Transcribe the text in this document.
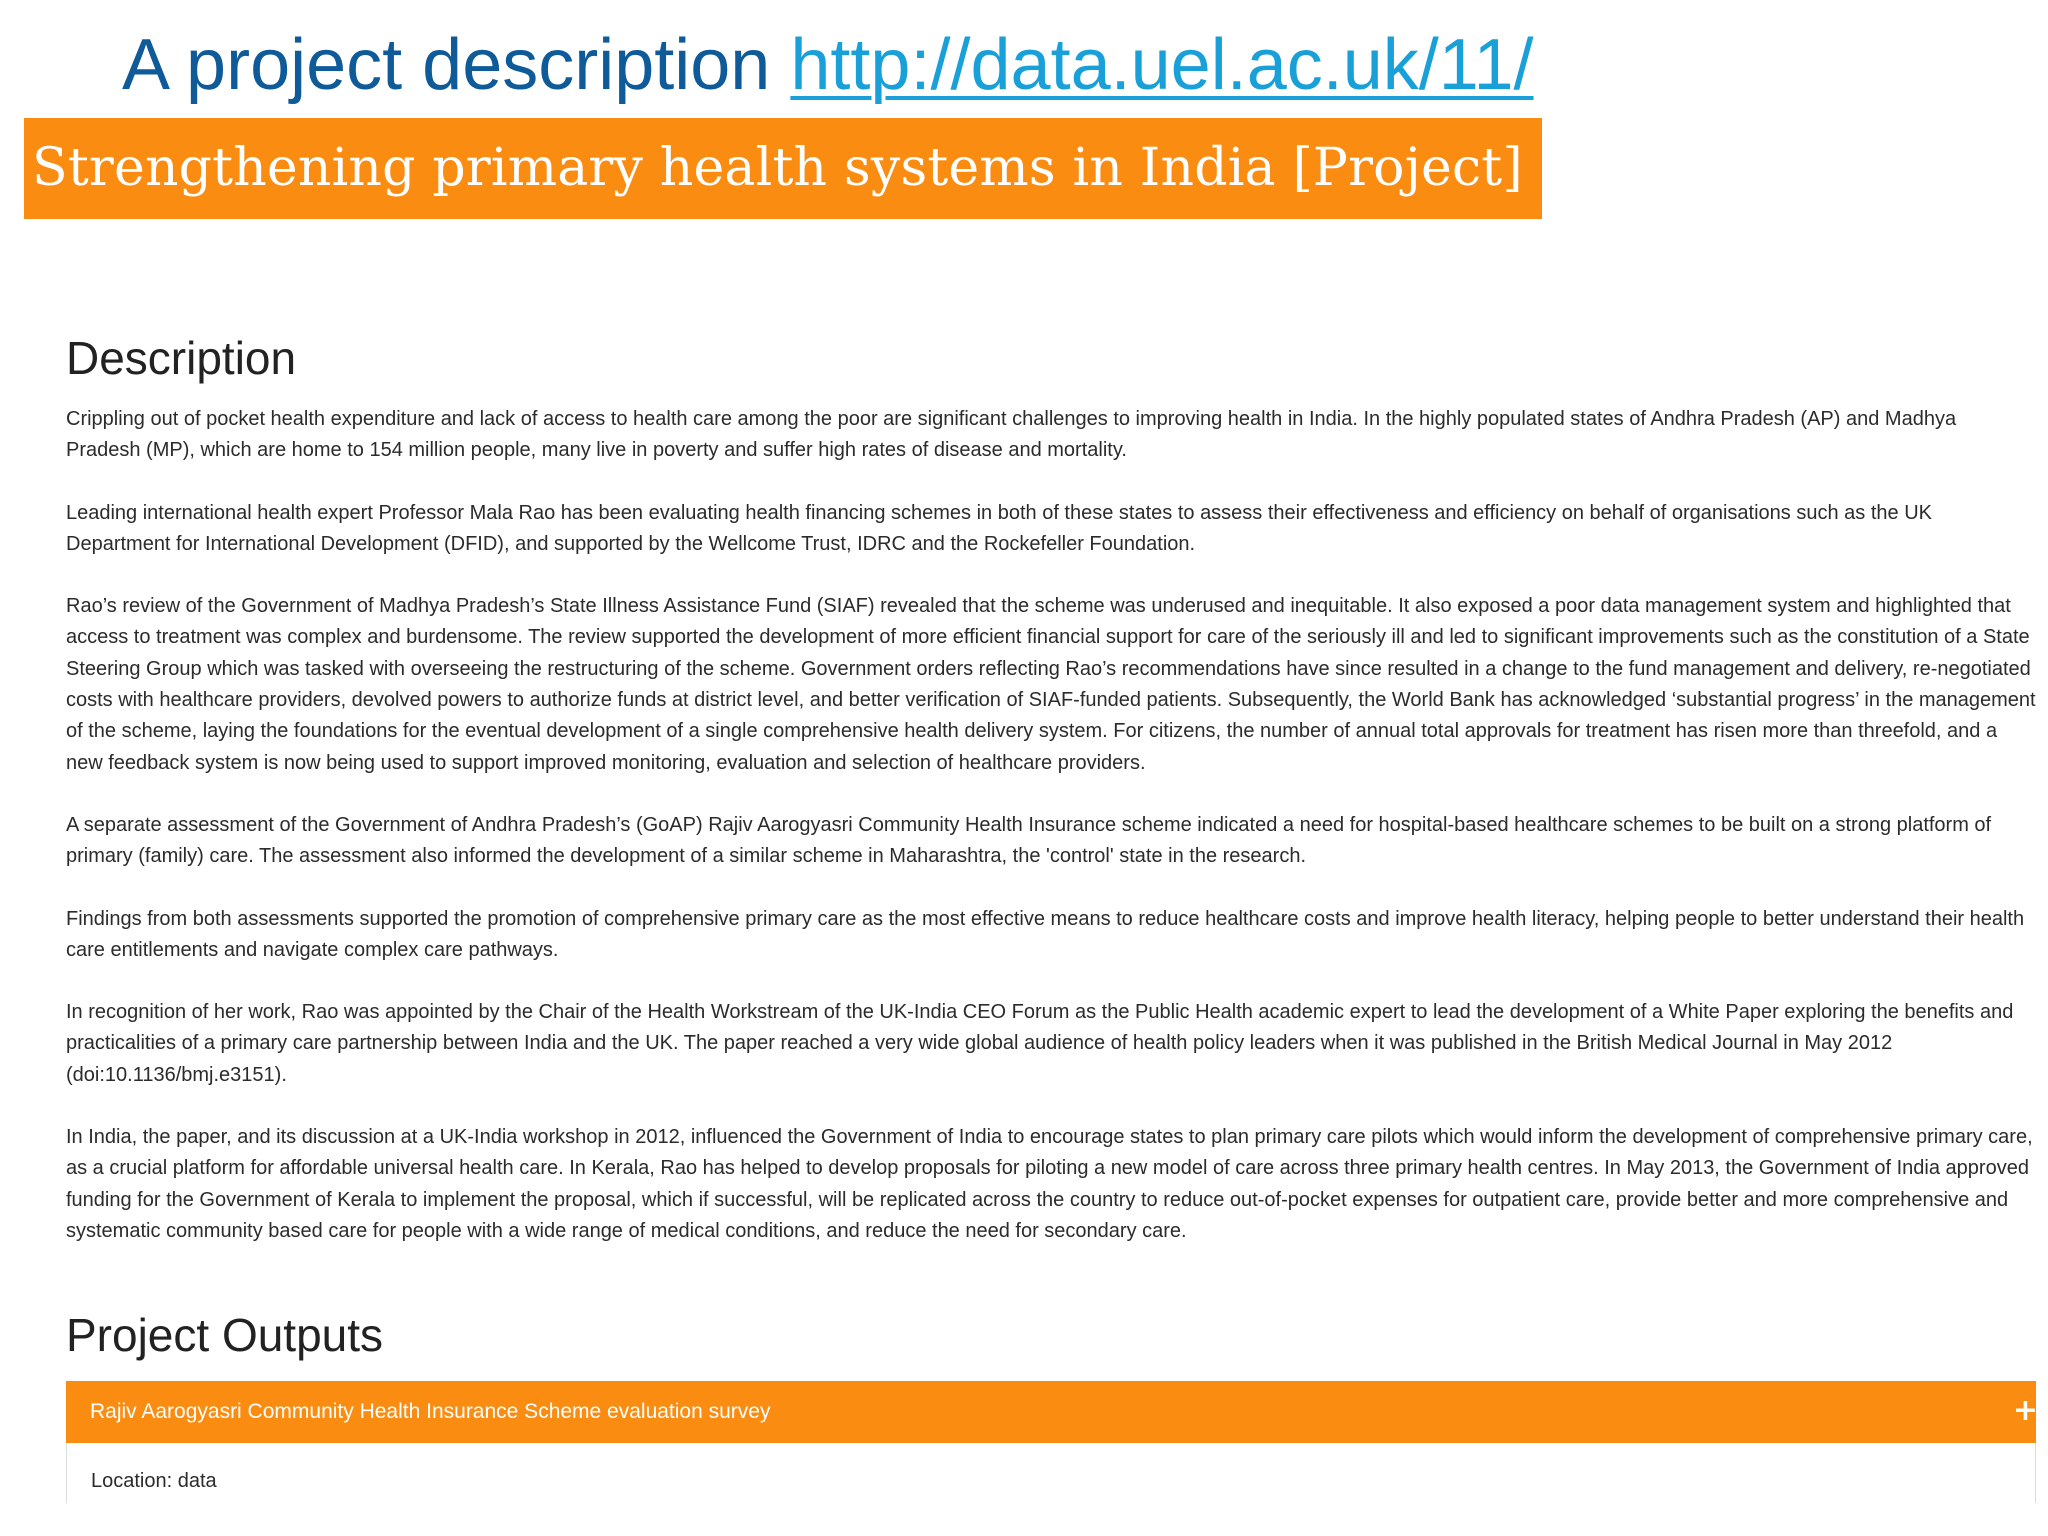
A project description http://data.uel.ac.uk/11/
Strengthening primary health systems in India [Project]
Description

Crippling out of pocket health expenditure and lack of access to health care among the poor are significant challenges to improving health in India. In the highly populated states of Andhra Pradesh (AP) and Madhya Pradesh (MP), which are home to 154 million people, many live in poverty and suffer high rates of disease and mortality.

Leading international health expert Professor Mala Rao has been evaluating health financing schemes in both of these states to assess their effectiveness and efficiency on behalf of organisations such as the UK Department for International Development (DFID), and supported by the Wellcome Trust, IDRC and the Rockefeller Foundation.

Rao’s review of the Government of Madhya Pradesh’s State Illness Assistance Fund (SIAF) revealed that the scheme was underused and inequitable. It also exposed a poor data management system and highlighted that access to treatment was complex and burdensome. The review supported the development of more efficient financial support for care of the seriously ill and led to significant improvements such as the constitution of a State Steering Group which was tasked with overseeing the restructuring of the scheme. Government orders reflecting Rao’s recommendations have since resulted in a change to the fund management and delivery, re-negotiated costs with healthcare providers, devolved powers to authorize funds at district level, and better verification of SIAF-funded patients. Subsequently, the World Bank has acknowledged ‘substantial progress’ in the management of the scheme, laying the foundations for the eventual development of a single comprehensive health delivery system. For citizens, the number of annual total approvals for treatment has risen more than threefold, and a new feedback system is now being used to support improved monitoring, evaluation and selection of healthcare providers.

A separate assessment of the Government of Andhra Pradesh’s (GoAP) Rajiv Aarogyasri Community Health Insurance scheme indicated a need for hospital-based healthcare schemes to be built on a strong platform of primary (family) care. The assessment also informed the development of a similar scheme in Maharashtra, the 'control' state in the research.

Findings from both assessments supported the promotion of comprehensive primary care as the most effective means to reduce healthcare costs and improve health literacy, helping people to better understand their health care entitlements and navigate complex care pathways.

In recognition of her work, Rao was appointed by the Chair of the Health Workstream of the UK-India CEO Forum as the Public Health academic expert to lead the development of a White Paper exploring the benefits and practicalities of a primary care partnership between India and the UK. The paper reached a very wide global audience of health policy leaders when it was published in the British Medical Journal in May 2012 (doi:10.1136/bmj.e3151).

In India, the paper, and its discussion at a UK-India workshop in 2012, influenced the Government of India to encourage states to plan primary care pilots which would inform the development of comprehensive primary care, as a crucial platform for affordable universal health care. In Kerala, Rao has helped to develop proposals for piloting a new model of care across three primary health centres. In May 2013, the Government of India approved funding for the Government of Kerala to implement the proposal, which if successful, will be replicated across the country to reduce out-of-pocket expenses for outpatient care, provide better and more comprehensive and systematic community based care for people with a wide range of medical conditions, and reduce the need for secondary care.

Project Outputs
Rajiv Aarogyasri Community Health Insurance Scheme evaluation survey	+
Location: data
